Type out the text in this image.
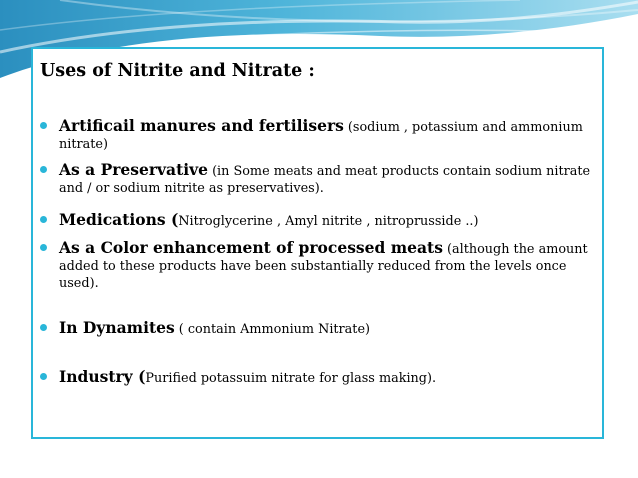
Uses of Nitrite and Nitrate :
Artificail manures and fertilisers (sodium , potassium and ammonium nitrate)
As a Preservative (in Some meats and meat products contain sodium nitrate and / or sodium nitrite as preservatives).
Medications (Nitroglycerine , Amyl nitrite , nitroprusside ..)
As a Color enhancement of processed meats (although the amount added to these products have been substantially reduced from the levels once used).
In Dynamites ( contain Ammonium Nitrate)
Industry (Purified potassuim nitrate for glass making).
